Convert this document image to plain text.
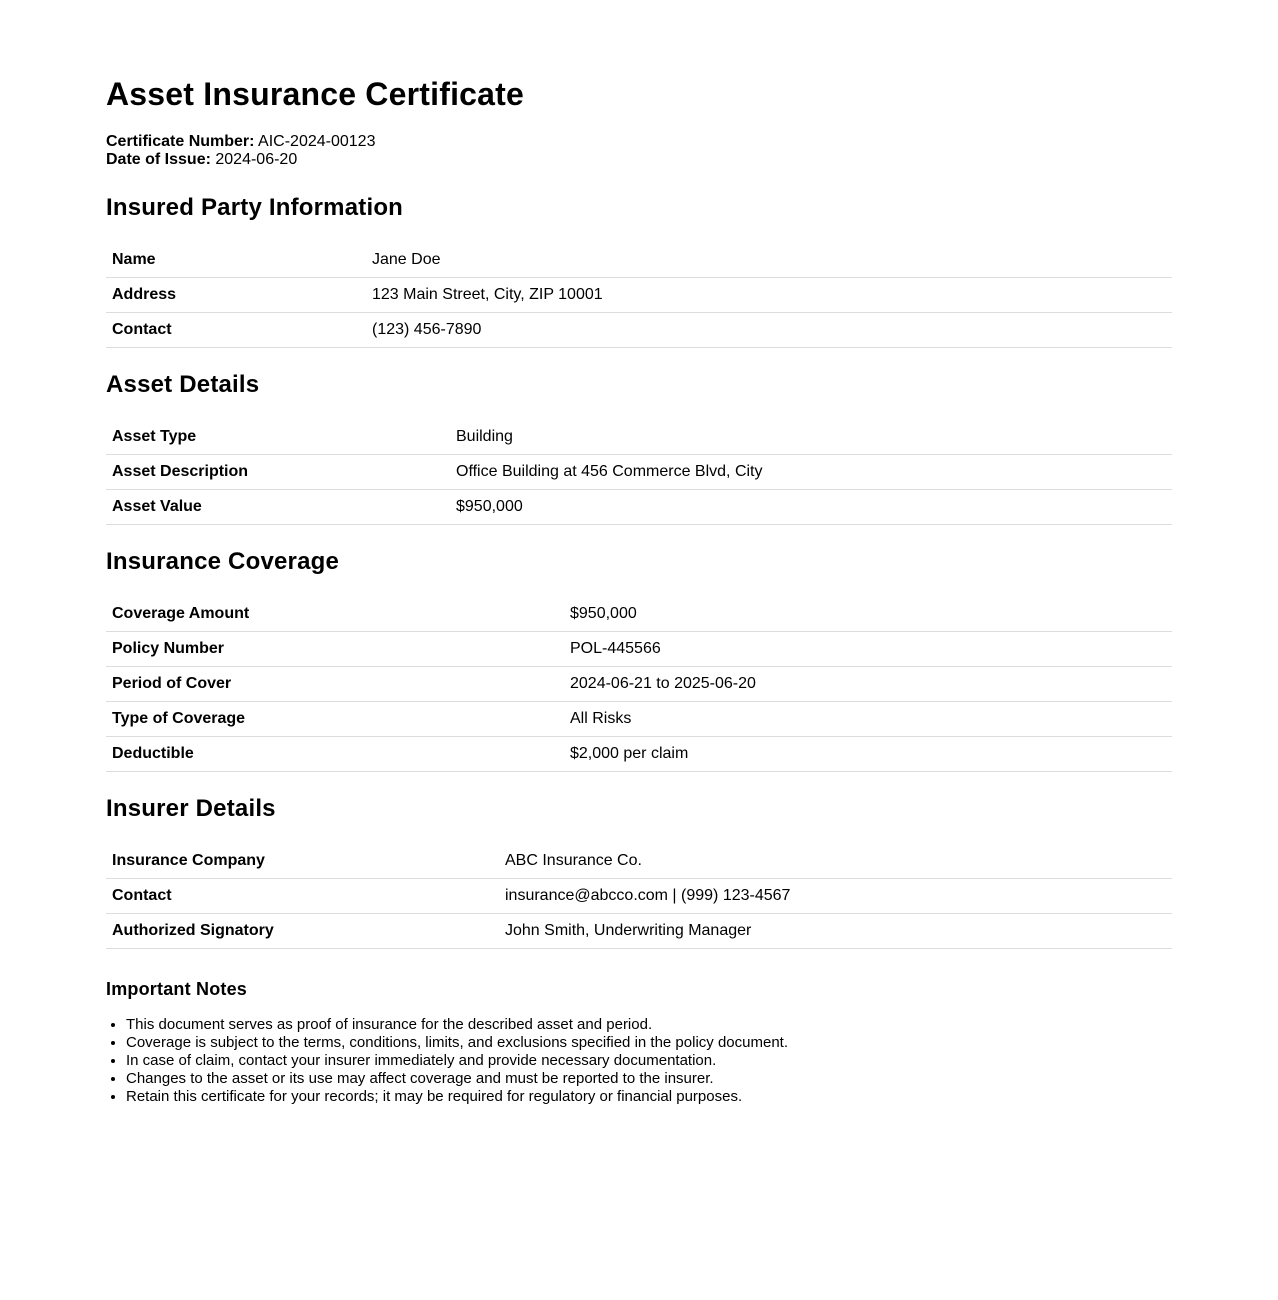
Asset Insurance Certificate
Certificate Number: AIC-2024-00123
Date of Issue: 2024-06-20
Insured Party Information
Name	Jane Doe
Address	123 Main Street, City, ZIP 10001
Contact	(123) 456-7890
Asset Details
Asset Type	Building
Asset Description	Office Building at 456 Commerce Blvd, City
Asset Value	$950,000
Insurance Coverage
Coverage Amount	$950,000
Policy Number	POL-445566
Period of Cover	2024-06-21 to 2025-06-20
Type of Coverage	All Risks
Deductible	$2,000 per claim
Insurer Details
Insurance Company	ABC Insurance Co.
Contact	insurance@abcco.com | (999) 123-4567
Authorized Signatory	John Smith, Underwriting Manager
Important Notes
• This document serves as proof of insurance for the described asset and period.
• Coverage is subject to the terms, conditions, limits, and exclusions specified in the policy document.
• In case of claim, contact your insurer immediately and provide necessary documentation.
• Changes to the asset or its use may affect coverage and must be reported to the insurer.
• Retain this certificate for your records; it may be required for regulatory or financial purposes.
